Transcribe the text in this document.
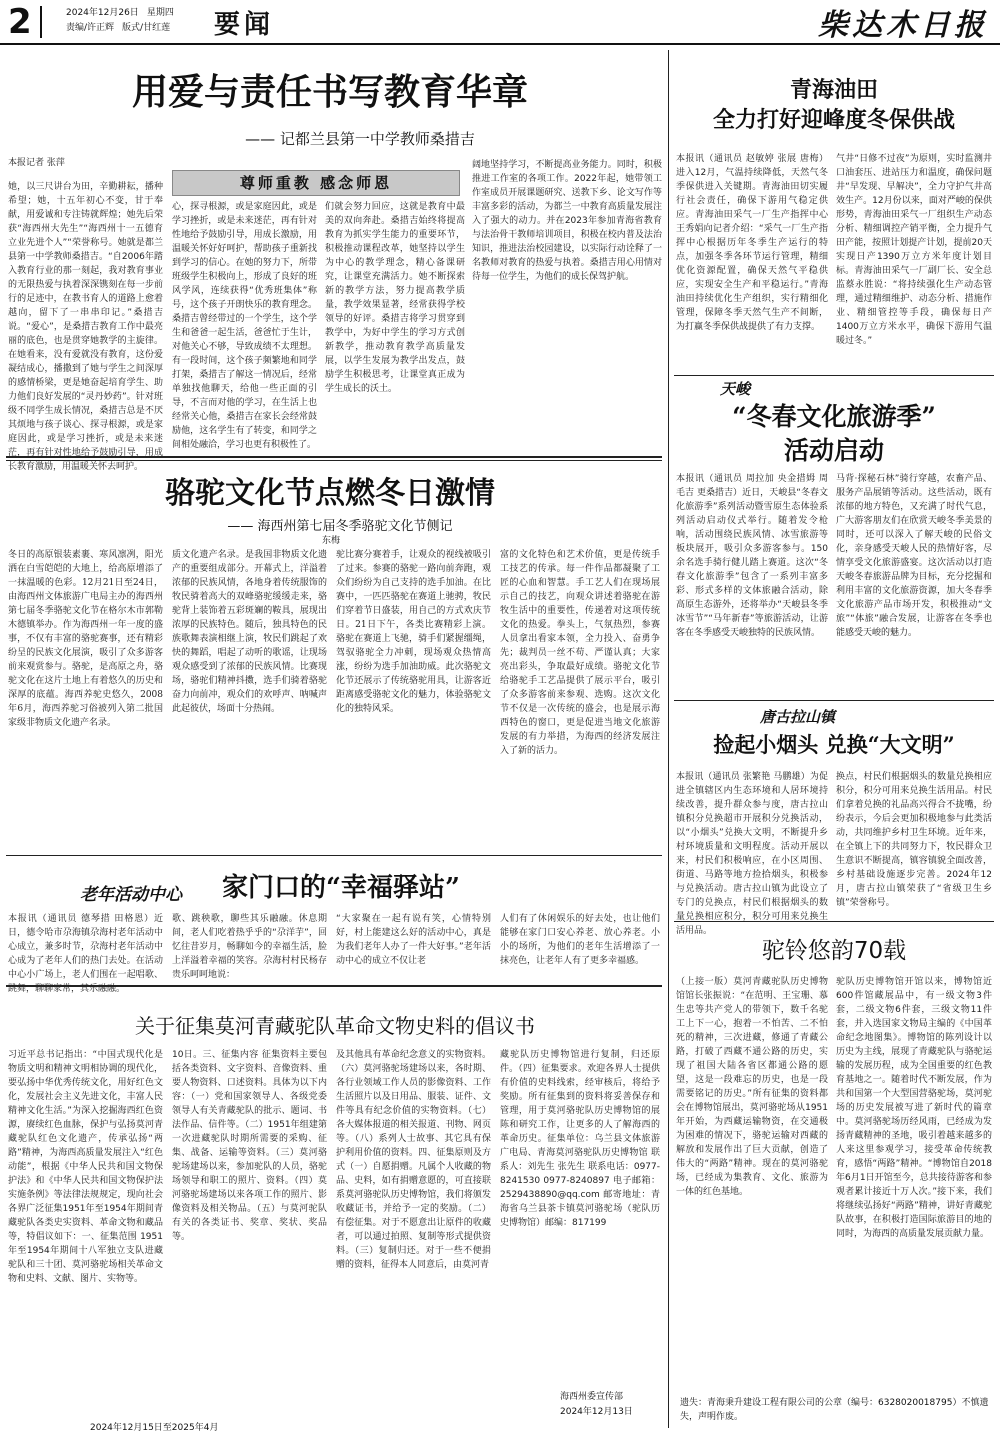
2	2024年12月26日 星期四
责编/许正辉 版式/甘红莲	要闻	柴达木日报
用爱与责任书写教育华章
—— 记都兰县第一中学教师桑措吉
本报记者 张萍
尊师重教 感念师恩
她，以三尺讲台为田，辛勤耕耘，播种希望；她，十五年初心不变，甘于奉献，用爱诚和专注铸就辉煌；她先后荣获“海西州大先生”“海西州十一五德育立业先进个人”“荣誉称号。她就是都兰县第一中学教师桑措吉。“自2006年踏入教育行业的那一刻起，我对教育事业的无限热爱与执着深深镌刻在每一步前行的足迹中，在教书育人的道路上愈着越向，留下了一串串印记。”桑措吉说。“爱心”，是桑措吉教育工作中最亮丽的底色，也是贯穿她教学的主旋律。在她看来，没有爱就没有教育，这份爱凝结成心，播撒到了她与学生之间深厚的感情桥梁，更是她奋起培育学生、助力他们良好发展的“灵丹妙药”。针对班级不同学生成长情况，桑措吉总是不厌其烦地与孩子谈心、探寻根源，或是家庭因此，或是学习挫折，或是未来迷茫，再有针对性地给予鼓励引导，用成长教育激励，用温暖关怀去呵护。
心，探寻根源，或是家庭因此，或是学习挫折，或是未来迷茫，再有针对性地给予鼓励引导，用成长激励，用温暖关怀好好呵护，帮助孩子重新找到学习的信心。在她的努力下，所带班级学生积极向上，形成了良好的班风学风，连续获得“优秀班集体”称号，这个孩子开朗快乐的教育理念。桑措吉曾经带过的一个学生，这个学生和爸爸一起生活，爸爸忙于生计，对他关心不够，导致成绩不太理想。有一段时间，这个孩子频繁地和同学打架，桑措吉了解这一情况后，经常单独找他聊天，给他一些正面的引导，不言而对他的学习，在生活上也经常关心他，桑措吉在家长会经常鼓励他，这名学生有了转变，和同学之间相处融洽，学习也更有积极性了。
们就会努力回应，这就是教育中最美的双向奔赴。桑措吉始终将提高教育为抓实学生能力的重要环节，积极推动课程改革，她坚持以学生为中心的教学理念，精心备课研究，让课堂充满活力。她不断探索新的教学方法，努力提高教学质量，教学效果显著，经常获得学校领导的好评。桑措吉将学习贯穿到教学中，为好中学生的学习方式创新教学，推动教育教学高质量发展，以学生发展为教学出发点，鼓励学生积极思考，让课堂真正成为学生成长的沃土。
阔地坚持学习，不断提高业务能力。同时，积极推进工作室的各项工作。2022年起，她带领工作室成员开展课题研究、送教下乡、论文写作等丰富多彩的活动，为都兰一中教育高质量发展注入了强大的动力。并在2023年参加青海省教育与法治骨干教师培训项目，积极在校内普及法治知识，推进法治校园建设，以实际行动诠释了一名教师对教育的热爱与执着。桑措吉用心用情对待每一位学生，为他们的成长保驾护航。
青海油田
全力打好迎峰度冬保供战
本报讯（通讯员 赵敏婷 张展 唐梅）进入12月，气温持续降低，天然气冬季保供进入关键期。青海油田切实履行社会责任，确保下游用气稳定供应。青海油田采气一厂生产指挥中心王秀娟向记者介绍：“采气一厂生产指挥中心根据历年冬季生产运行的特点，加强冬季各环节运行管理，精细优化资源配置，确保天然气平稳供应，实现安全生产和平稳运行。”青海油田持续优化生产组织，实行精细化管理，保障冬季天然气生产不间断，为打赢冬季保供战提供了有力支撑。
气井“日修不过夜”为原则，实时监测井口油套压、进站压力和温度，确保问题井“早发现、早解决”，全力守护气井高效生产。12月份以来，面对严峻的保供形势，青海油田采气一厂组织生产动态分析、精细调控产销平衡，全力提升气田产能，按照计划提产计划，提前20天实现日产1390万立方米年度计划目标。青海油田采气一厂副厂长、安全总监蔡永胜说：“将持续强化生产动态管理，通过精细维护、动态分析、措施作业、精细管控等手段，确保每日产1400万立方米水平，确保下游用气温暖过冬。”
天峻
“冬春文化旅游季”
活动启动
本报讯（通讯员 周拉加 央金措姆 周毛吉 更桑措吉）近日，天峻县“冬春文化旅游季”系列活动暨雪原生态体验系列活动启动仪式举行。随着发令枪响，活动围绕民族风情、冰雪旅游等板块展开，吸引众多游客参与。150余名选手骑行健儿踏上赛道。这次“冬春文化旅游季”包含了一系列丰富多彩、形式多样的文体旅融合活动，除高原生态游外，还将举办“天峻县冬季冰雪节”“马年新春”等旅游活动，让游客在冬季感受天峻独特的民族风情。
马背·探秘石林”骑行穿越，农畜产品、服务产品展销等活动。这些活动，既有浓郁的地方特色，又充满了时代气息，广大游客朋友们在欣赏天峻冬季美景的同时，还可以深入了解天峻的民俗文化，亲身感受天峻人民的热情好客，尽情享受文化旅游盛宴。这次活动以打造天峻冬春旅游品牌为目标，充分挖掘和利用丰富的文化旅游资源，加大冬春季文化旅游产品市场开发，积极推动“文旅”“体旅”融合发展，让游客在冬季也能感受天峻的魅力。
唐古拉山镇
捡起小烟头 兑换“大文明”
本报讯（通讯员 张繁艳 马鹏雄）为促进全镇辖区内生态环境和人居环境持续改善，提升群众参与度，唐古拉山镇积分兑换超市开展积分兑换活动，以“小烟头”兑换大文明，不断提升乡村环境质量和文明程度。活动开展以来，村民们积极响应，在小区周围、街道、马路等地方捡拾烟头，积极参与兑换活动。唐古拉山镇为此设立了专门的兑换点，村民们根据烟头的数量兑换相应积分，积分可用来兑换生活用品。
换点，村民们根据烟头的数量兑换相应积分，积分可用来兑换生活用品。村民们拿着兑换的礼品高兴得合不拢嘴，纷纷表示，今后会更加积极地参与此类活动，共同维护乡村卫生环境。近年来，在全镇上下的共同努力下，牧民群众卫生意识不断提高，镇容镇貌全面改善，乡村基础设施逐步完善。2024年12月，唐古拉山镇荣获了“省级卫生乡镇”荣誉称号。
骆驼文化节点燃冬日激情
—— 海西州第七届冬季骆驼文化节侧记
东梅
冬日的高原银装素裹、寒风凛冽，阳光洒在白雪皑皑的大地上，给高原增添了一抹温暖的色彩。12月21日至24日，由海西州文体旅游广电局主办的海西州第七届冬季骆驼文化节在格尔木市郭勒木德镇举办。作为海西州一年一度的盛事，不仅有丰富的骆驼赛事，还有精彩纷呈的民族文化展演，吸引了众多游客前来观赏参与。骆驼，是高原之舟，骆驼文化在这片土地上有着悠久的历史和深厚的底蕴。海西养驼史悠久，2008年6月，海西养驼习俗被列入第二批国家级非物质文化遗产名录。
质文化遗产名录。是我国非物质文化遗产的重要组成部分。开幕式上，洋溢着浓郁的民族风情，各地身着传统服饰的牧民骑着高大的双峰骆驼缓缓走来，骆驼背上装饰着五彩斑斓的鞍具，展现出浓厚的民族特色。随后，独具特色的民族歌舞表演相继上演，牧民们跳起了欢快的舞蹈，唱起了动听的歌谣，让现场观众感受到了浓郁的民族风情。比赛现场，骆驼们精神抖擞，选手们骑着骆驼奋力向前冲，观众们的欢呼声、呐喊声此起彼伏，场面十分热闹。
驼比赛分赛着手，让观众的视线被吸引了过来。参赛的骆驼一路向前奔跑，观众们纷纷为自己支持的选手加油。在比赛中，一匹匹骆驼在赛道上驰骋，牧民们穿着节日盛装，用自己的方式欢庆节日。21日下午，各类比赛精彩上演。骆驼在赛道上飞驰，骑手们紧握缰绳，驾驭骆驼全力冲刺，现场观众热情高涨，纷纷为选手加油助威。此次骆驼文化节还展示了传统骆驼用具，让游客近距离感受骆驼文化的魅力，体验骆驼文化的独特风采。
富的文化特色和艺术价值，更是传统手工技艺的传承。每一件作品都凝聚了工匠的心血和智慧。手工艺人们在现场展示自己的技艺，向观众讲述着骆驼在游牧生活中的重要性，传递着对这项传统文化的热爱。拳头上，气氛热烈，参赛人员拿出看家本领，全力投入、奋勇争先；裁判员一丝不苟、严谨认真；大家亮出彩头，争取最好成绩。骆驼文化节给骆驼手工艺品提供了展示平台，吸引了众多游客前来参观、选购。这次文化节不仅是一次传统的盛会，也是展示海西特色的窗口，更是促进当地文化旅游发展的有力举措，为海西的经济发展注入了新的活力。
老年活动中心 家门口的“幸福驿站”
本报讯（通讯员 德琴措 田格恩）近日，德令哈市尕海镇尕海村老年活动中心成立，兼多时节，尕海村老年活动中心成为了老年人们的热门去处。在活动中心小广场上，老人们围在一起唱歌、跳舞，聊聊家常，其乐融融。
歌、跳秧歌，聊些其乐融融。休息期间，老人们吃着热乎乎的“尕洋芋”，回忆往昔岁月，畅聊如今的幸福生活，脸上洋溢着幸福的笑容。尕海村村民杨存贵乐呵呵地说：
“大家聚在一起有说有笑，心情特别好，村上能建这么好的活动中心，真是为我们老年人办了一件大好事。”老年活动中心的成立不仅让老
人们有了休闲娱乐的好去处，也让他们能够在家门口安心养老、放心养老。小小的场所，为他们的老年生活增添了一抹亮色，让老年人有了更多幸福感。
关于征集莫河青藏驼队革命文物史料的倡议书
习近平总书记指出：“中国式现代化是物质文明和精神文明相协调的现代化，要弘扬中华优秀传统文化，用好红色文化，发展社会主义先进文化，丰富人民精神文化生活。”为深入挖掘海西红色资源，赓续红色血脉，保护与弘扬莫河青藏驼队红色文化遗产，传承弘扬“两路”精神，为海西高质量发展注入“红色动能”，根据《中华人民共和国文物保护法》和《中华人民共和国文物保护法实施条例》等法律法规规定，现向社会各界广泛征集1951年至1954年期间青藏驼队各类史实资料、革命文物和藏品等，特倡议如下：一、征集范围 1951年至1954年期间十八军独立支队进藏驼队和三十团、莫河骆驼场相关革命文物和史料、文献、图片、实物等。
10日。三、征集内容 征集资料主要包括各类资料、文字资料、音像资料、重要人物资料、口述资料。具体为以下内容：（一）党和国家领导人、各级党委领导人有关青藏驼队的批示、题词、书法作品、信件等。（二）1951年组建第一次进藏驼队时期所需要的采购、征集、战备、运输等资料。（三）莫河骆驼场建场以来，参加驼队的人员，骆驼场领导和职工的照片、资料。（四）莫河骆驼场建场以来各项工作的照片、影像资料及相关物品。（五）与莫河驼队有关的各类证书、奖章、奖状、奖品等。
及其他具有革命纪念意义的实物资料。（六）莫河骆驼场建场以来，各时期、各行业领域工作人员的影像资料、工作生活照片以及日用品、服装、证件、文件等具有纪念价值的实物资料。（七）各大媒体报道的相关报道、刊物、网页等。（八）系列人士故事、其它具有保护利用价值的资料。四、征集原则及方式（一）自愿捐赠。凡属个人收藏的物品、史料，如有捐赠意愿的，可直接联系莫河骆驼队历史博物馆，我们将颁发收藏证书，并给予一定的奖励。（二）有偿征集。对于不愿意出让原件的收藏者，可以通过拍照、复制等形式提供资料。（三）复制归还。对于一些不便捐赠的资料，征得本人同意后，由莫河青
藏驼队历史博物馆进行复制，归还原件。（四）征集要求。欢迎各界人士提供有价值的史料线索，经审核后，将给予奖励。所有征集到的资料将妥善保存和管理，用于莫河骆驼队历史博物馆的展陈和研究工作，让更多的人了解海西的革命历史。征集单位：乌兰县文体旅游广电局、青海莫河骆驼队历史博物馆 联系人：刘先生 张先生 联系电话：0977-8241530 0977-8240897 电子邮箱：2529438890@qq.com 邮寄地址：青海省乌兰县茶卡镇莫河骆驼场（驼队历史博物馆）邮编：817199
海西州委宣传部
2024年12月13日
2024年12月15日至2025年4月
驼铃悠韵70载
（上接一版）莫河青藏驼队历史博物馆馆长张振说：“在范明、王宝珊、慕生忠等共产党人的带领下，数千名驼工上下一心，抱着一不怕苦、二不怕死的精神，三次进藏，修通了青藏公路，打破了西藏不通公路的历史，实现了祖国大陆各省区都通公路的愿望，这是一段难忘的历史，也是一段需要铭记的历史。”所有征集的资料都会在博物馆展出，莫河骆驼场从1951年开始，为西藏运输物资，在交通极为困难的情况下，骆驼运输对西藏的解放和发展作出了巨大贡献，创造了伟大的“两路”精神。现在的莫河骆驼场，已经成为集教育、文化、旅游为一体的红色基地。
驼队历史博物馆开馆以来，博物馆近600件馆藏展品中，有一级文物3件套，二级文物6件套，三级文物11件套，并入选国家文物局主编的《中国革命纪念地图集》。博物馆的陈列设计以历史为主线，展现了青藏驼队与骆驼运输的发展历程，成为全国重要的红色教育基地之一。随着时代不断发展，作为共和国第一个大型国营骆驼场，莫河驼场的历史发展被写进了新时代的篇章中。莫河骆驼场历经风雨，已经成为发扬青藏精神的圣地，吸引着越来越多的人来这里参观学习，接受革命传统教育，感悟“两路”精神。“博物馆自2018年6月1日开馆至今，总共接待游客和参观者累计接近十万人次。”接下来，我们将继续弘扬好“两路”精神，讲好青藏驼队故事，在积极打造国际旅游目的地的同时，为海西的高质量发展贡献力量。
遗失：青海秉升建设工程有限公司的公章（编号：6328020018795）不慎遗失，声明作废。
